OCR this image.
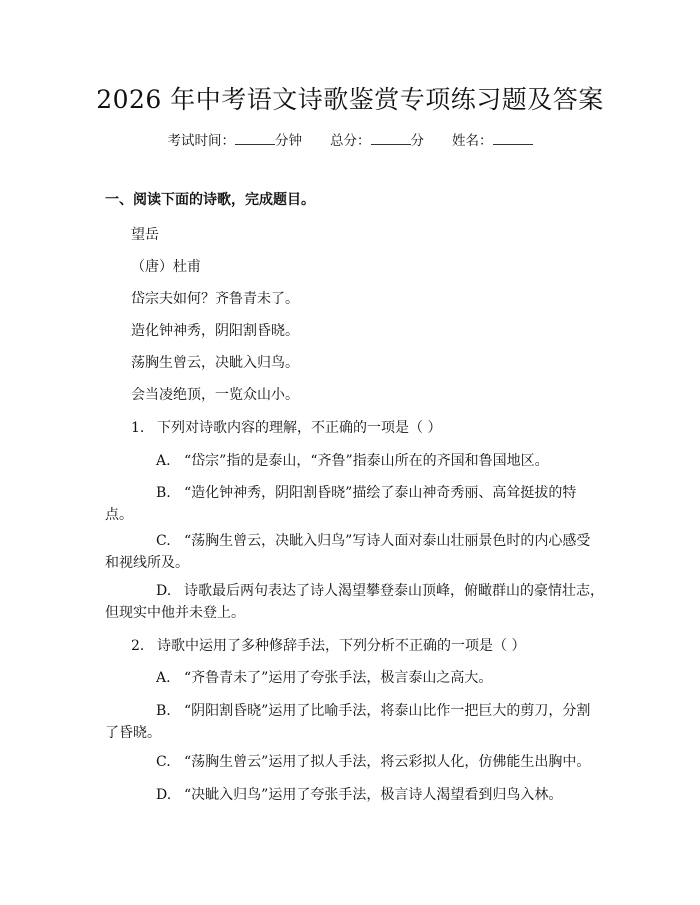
2026 年中考语文诗歌鉴赏专项练习题及答案
考试时间：	分钟 总分：	分 姓名：
一、阅读下面的诗歌，完成题目。
望岳
（唐）杜甫
岱宗夫如何？齐鲁青未了。
造化钟神秀，阴阳割昏晓。
荡胸生曾云，决眦入归鸟。
会当凌绝顶，一览众山小。
1. 下列对诗歌内容的理解，不正确的一项是（ ）
A. “岱宗”指的是泰山，“齐鲁”指泰山所在的齐国和鲁国地区。
B. “造化钟神秀，阴阳割昏晓”描绘了泰山神奇秀丽、高耸挺拔的特
点。
C. “荡胸生曾云，决眦入归鸟”写诗人面对泰山壮丽景色时的内心感受
和视线所及。
D. 诗歌最后两句表达了诗人渴望攀登泰山顶峰，俯瞰群山的豪情壮志，
但现实中他并未登上。
2. 诗歌中运用了多种修辞手法，下列分析不正确的一项是（ ）
A. “齐鲁青未了”运用了夸张手法，极言泰山之高大。
B. “阴阳割昏晓”运用了比喻手法，将泰山比作一把巨大的剪刀，分割
了昏晓。
C. “荡胸生曾云”运用了拟人手法，将云彩拟人化，仿佛能生出胸中。
D. “决眦入归鸟”运用了夸张手法，极言诗人渴望看到归鸟入林。
